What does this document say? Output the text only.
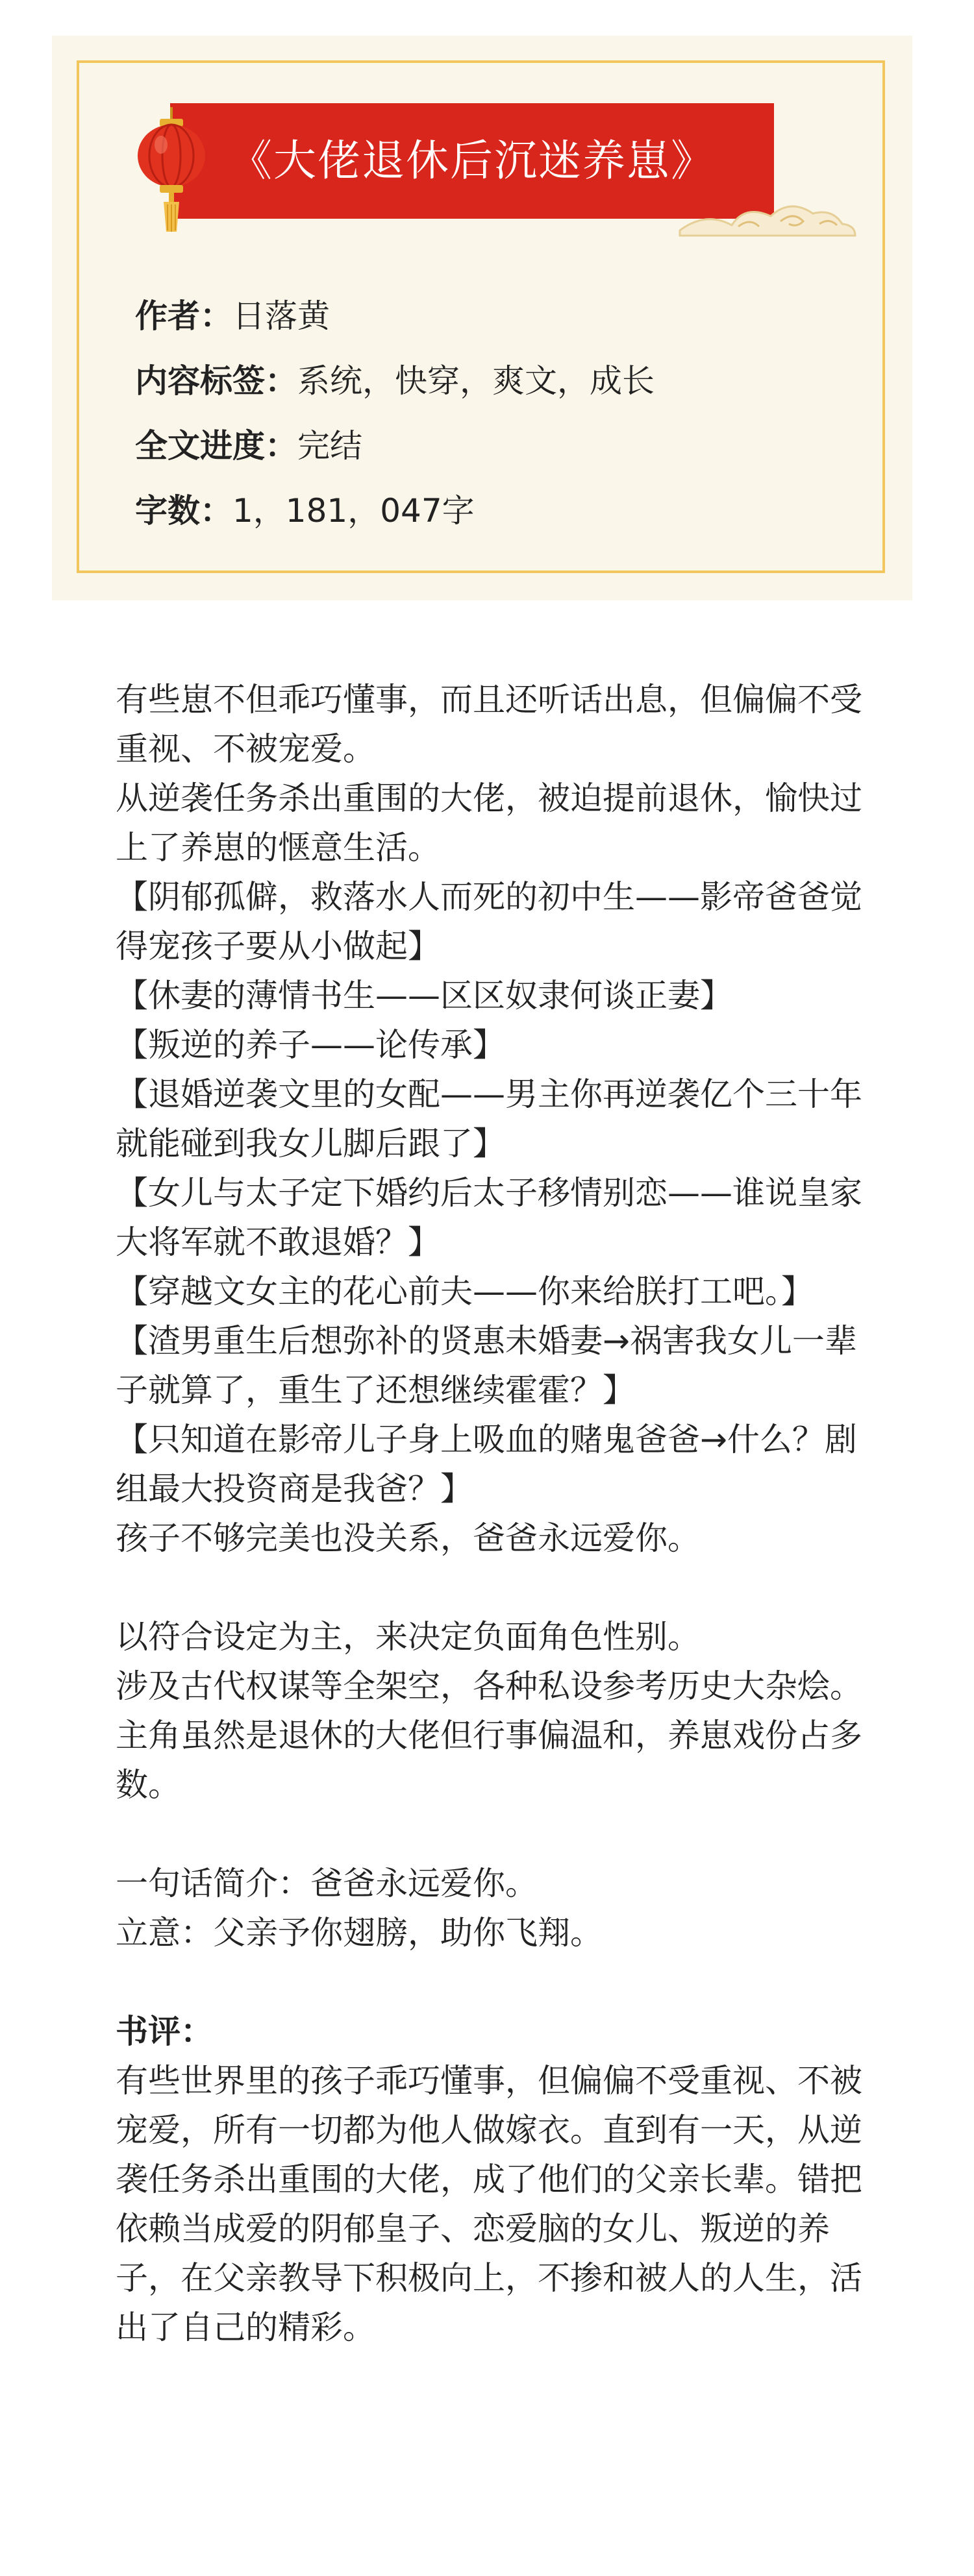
《大佬退休后沉迷养崽》
作者：日落黄
内容标签：系统，快穿，爽文，成长
全文进度：完结
字数：1，181，047字

有些崽不但乖巧懂事，而且还听话出息，但偏偏不受重视、不被宠爱。

从逆袭任务杀出重围的大佬，被迫提前退休，愉快过上了养崽的惬意生活。

【阴郁孤僻，救落水人而死的初中生——影帝爸爸觉得宠孩子要从小做起】

【休妻的薄情书生——区区奴隶何谈正妻】

【叛逆的养子——论传承】

【退婚逆袭文里的女配——男主你再逆袭亿个三十年就能碰到我女儿脚后跟了】

【女儿与太子定下婚约后太子移情别恋——谁说皇家大将军就不敢退婚？】

【穿越文女主的花心前夫——你来给朕打工吧。】

【渣男重生后想弥补的贤惠未婚妻→祸害我女儿一辈子就算了，重生了还想继续霍霍？】

【只知道在影帝儿子身上吸血的赌鬼爸爸→什么？剧组最大投资商是我爸？】

孩子不够完美也没关系，爸爸永远爱你。

以符合设定为主，来决定负面角色性别。

涉及古代权谋等全架空，各种私设参考历史大杂烩。

主角虽然是退休的大佬但行事偏温和，养崽戏份占多数。

一句话简介：爸爸永远爱你。

立意：父亲予你翅膀，助你飞翔。

书评：

有些世界里的孩子乖巧懂事，但偏偏不受重视、不被宠爱，所有一切都为他人做嫁衣。直到有一天，从逆袭任务杀出重围的大佬，成了他们的父亲长辈。错把依赖当成爱的阴郁皇子、恋爱脑的女儿、叛逆的养子，在父亲教导下积极向上，不掺和被人的人生，活出了自己的精彩。
